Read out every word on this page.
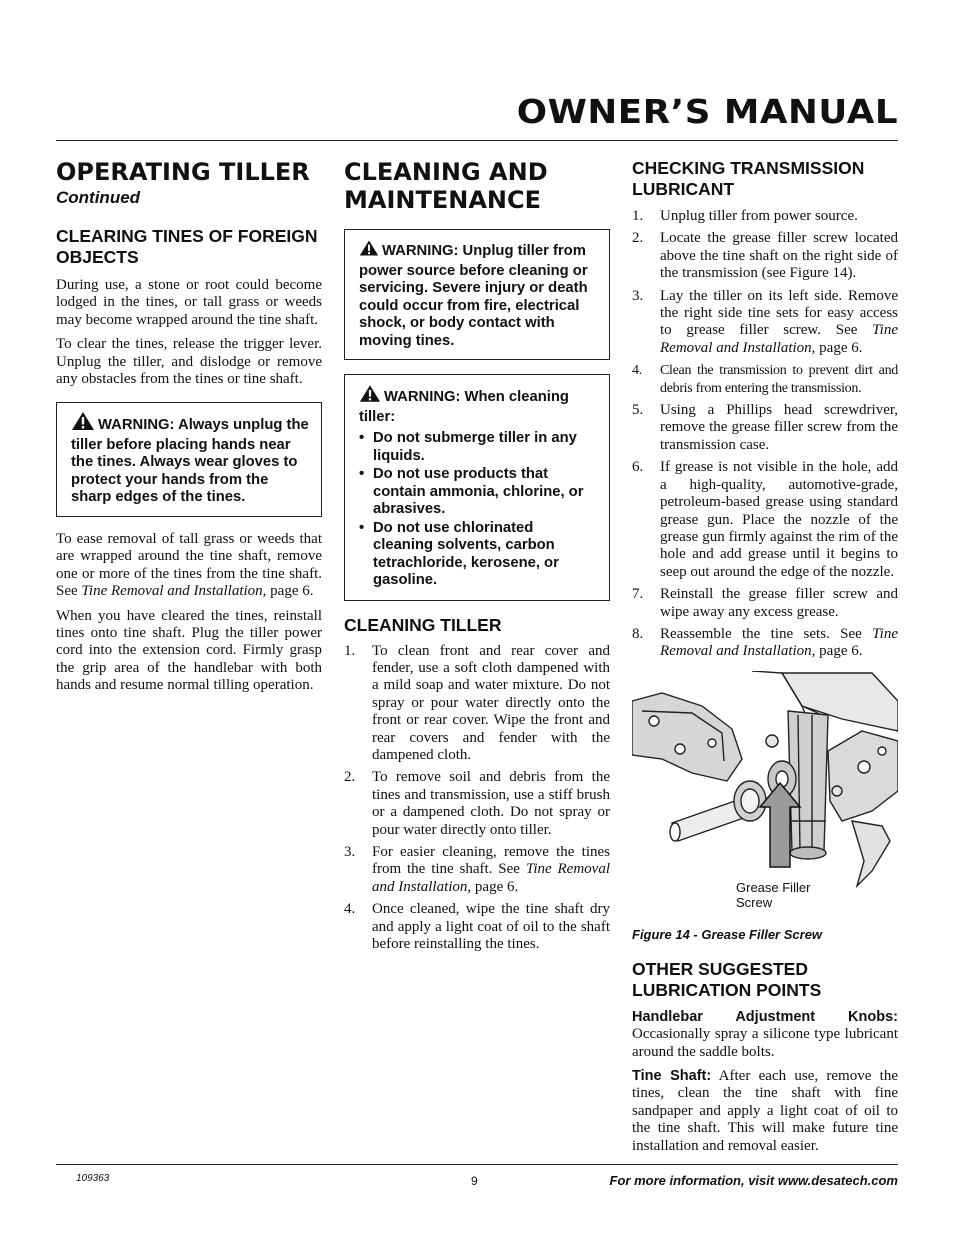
OWNER’S MANUAL
OPERATING TILLER
Continued
CLEARING TINES OF FOREIGN OBJECTS

During use, a stone or root could become lodged in the tines, or tall grass or weeds may become wrapped around the tine shaft.

To clear the tines, release the trigger lever. Unplug the tiller, and dislodge or remove any obstacles from the tines or tine shaft.

WARNING: Always unplug the tiller before placing hands near the tines. Always wear gloves to protect your hands from the sharp edges of the tines.

To ease removal of tall grass or weeds that are wrapped around the tine shaft, remove one or more of the tines from the tine shaft. See Tine Removal and Installation, page 6.

When you have cleared the tines, reinstall tines onto tine shaft. Plug the tiller power cord into the extension cord. Firmly grasp the grip area of the handlebar with both hands and resume normal tilling operation.

CLEANING AND
MAINTENANCE
WARNING: Unplug tiller from power source before cleaning or servicing. Severe injury or death could occur from fire, electrical shock, or body contact with moving tines.
WARNING: When cleaning tiller:
• Do not submerge tiller in any liquids.
• Do not use products that contain ammonia, chlorine, or abrasives.
• Do not use chlorinated cleaning solvents, carbon tetrachloride, kerosene, or gasoline.
CLEANING TILLER
1. To clean front and rear cover and fender, use a soft cloth dampened with a mild soap and water mixture. Do not spray or pour water directly onto the front or rear cover. Wipe the front and rear covers and fender with the dampened cloth.
2. To remove soil and debris from the tines and transmission, use a stiff brush or a dampened cloth. Do not spray or pour water directly onto tiller.
3. For easier cleaning, remove the tines from the tine shaft. See Tine Removal and Installation, page 6.
4. Once cleaned, wipe the tine shaft dry and apply a light coat of oil to the shaft before reinstalling the tines.
CHECKING TRANSMISSION
LUBRICANT
1. Unplug tiller from power source.
2. Locate the grease filler screw located above the tine shaft on the right side of the transmission (see Figure 14).
3. Lay the tiller on its left side. Remove the right side tine sets for easy access to grease filler screw. See Tine Removal and Installation, page 6.
4. Clean the transmission to prevent dirt and debris from entering the transmission.
5. Using a Phillips head screwdriver, remove the grease filler screw from the transmission case.
6. If grease is not visible in the hole, add a high-quality, automotive-grade, petroleum-based grease using standard grease gun. Place the nozzle of the grease gun firmly against the rim of the hole and add grease until it begins to seep out around the edge of the nozzle.
7. Reinstall the grease filler screw and wipe away any excess grease.
8. Reassemble the tine sets. See Tine Removal and Installation, page 6.
Grease Filler
Screw
Figure 14 - Grease Filler Screw
OTHER SUGGESTED
LUBRICATION POINTS

Handlebar Adjustment Knobs: Occasionally spray a silicone type lubricant around the saddle bolts.

Tine Shaft: After each use, remove the tines, clean the tine shaft with fine sandpaper and apply a light coat of oil to the tine shaft. This will make future tine installation and removal easier.

109363	9	For more information, visit www.desatech.com
